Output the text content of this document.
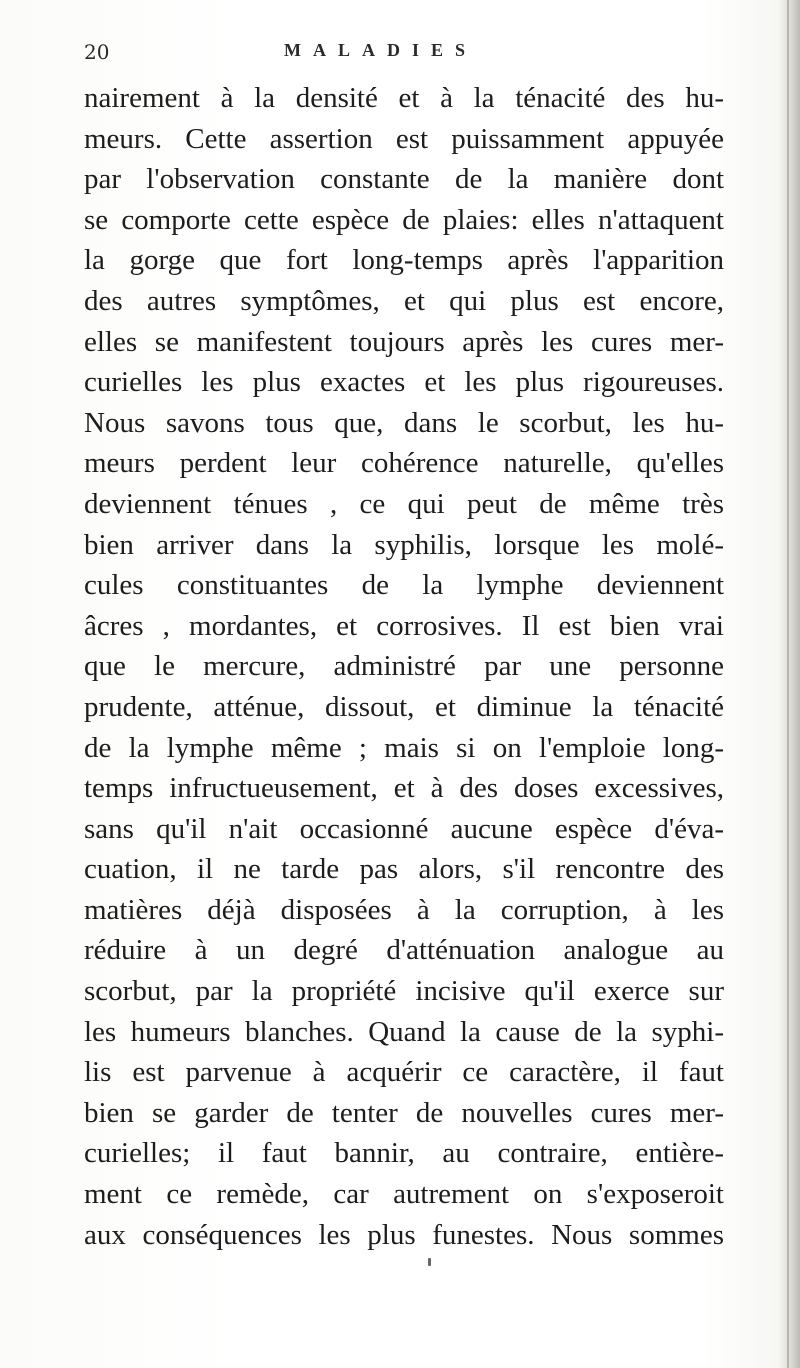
20	MALADIES
nairement à la densité et à la ténacité des hu-
meurs. Cette assertion est puissamment appuyée
par l'observation constante de la manière dont
se comporte cette espèce de plaies: elles n'attaquent
la gorge que fort long-temps après l'apparition
des autres symptômes, et qui plus est encore,
elles se manifestent toujours après les cures mer-
curielles les plus exactes et les plus rigoureuses.
Nous savons tous que, dans le scorbut, les hu-
meurs perdent leur cohérence naturelle, qu'elles
deviennent ténues , ce qui peut de même très
bien arriver dans la syphilis, lorsque les molé-
cules constituantes de la lymphe deviennent
âcres , mordantes, et corrosives. Il est bien vrai
que le mercure, administré par une personne
prudente, atténue, dissout, et diminue la ténacité
de la lymphe même ; mais si on l'emploie long-
temps infructueusement, et à des doses excessives,
sans qu'il n'ait occasionné aucune espèce d'éva-
cuation, il ne tarde pas alors, s'il rencontre des
matières déjà disposées à la corruption, à les
réduire à un degré d'atténuation analogue au
scorbut, par la propriété incisive qu'il exerce sur
les humeurs blanches. Quand la cause de la syphi-
lis est parvenue à acquérir ce caractère, il faut
bien se garder de tenter de nouvelles cures mer-
curielles; il faut bannir, au contraire, entière-
ment ce remède, car autrement on s'exposeroit
aux conséquences les plus funestes. Nous sommes
